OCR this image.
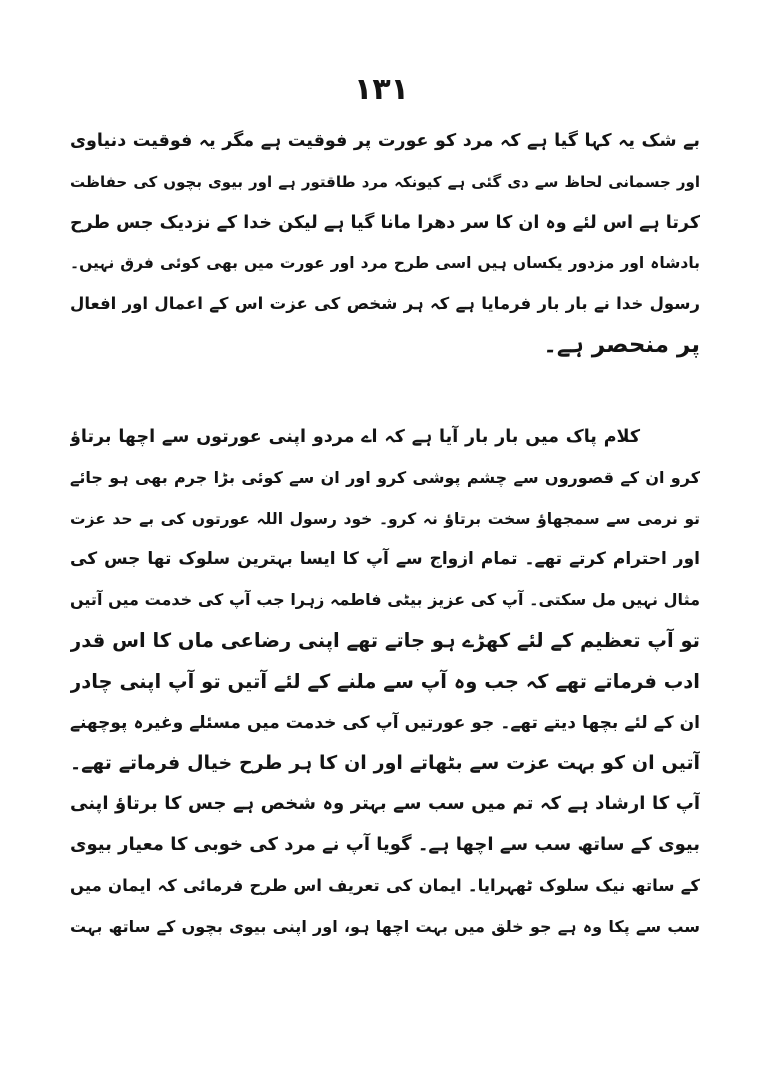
۱۳۱
بے شک یہ کہا گیا ہے کہ مرد کو عورت پر فوقیت ہے مگر یہ فوقیت دنیاوی
اور جسمانی لحاظ سے دی گئی ہے کیونکہ مرد طاقتور ہے اور بیوی بچوں کی حفاظت
کرتا ہے اس لئے وہ ان کا سر دھرا مانا گیا ہے لیکن خدا کے نزدیک جس طرح
بادشاہ اور مزدور یکساں ہیں اسی طرح مرد اور عورت میں بھی کوئی فرق نہیں۔
رسول خدا نے بار بار فرمایا ہے کہ ہر شخص کی عزت اس کے اعمال اور افعال
پر منحصر ہے۔
کلام پاک میں بار بار آیا ہے کہ اے مردو اپنی عورتوں سے اچھا برتاؤ
کرو ان کے قصوروں سے چشم پوشی کرو اور ان سے کوئی بڑا جرم بھی ہو جائے
تو نرمی سے سمجھاؤ سخت برتاؤ نہ کرو۔ خود رسول اللہ عورتوں کی بے حد عزت
اور احترام کرتے تھے۔ تمام ازواج سے آپ کا ایسا بہترین سلوک تھا جس کی
مثال نہیں مل سکتی۔ آپ کی عزیز بیٹی فاطمہ زہرا جب آپ کی خدمت میں آتیں
تو آپ تعظیم کے لئے کھڑے ہو جاتے تھے اپنی رضاعی ماں کا اس قدر
ادب فرماتے تھے کہ جب وہ آپ سے ملنے کے لئے آتیں تو آپ اپنی چادر
ان کے لئے بچھا دیتے تھے۔ جو عورتیں آپ کی خدمت میں مسئلے وغیرہ پوچھنے
آتیں ان کو بہت عزت سے بٹھاتے اور ان کا ہر طرح خیال فرماتے تھے۔
آپ کا ارشاد ہے کہ تم میں سب سے بہتر وہ شخص ہے جس کا برتاؤ اپنی
بیوی کے ساتھ سب سے اچھا ہے۔ گویا آپ نے مرد کی خوبی کا معیار بیوی
کے ساتھ نیک سلوک ٹھہرایا۔ ایمان کی تعریف اس طرح فرمائی کہ ایمان میں
سب سے پکا وہ ہے جو خلق میں بہت اچھا ہو، اور اپنی بیوی بچوں کے ساتھ بہت
